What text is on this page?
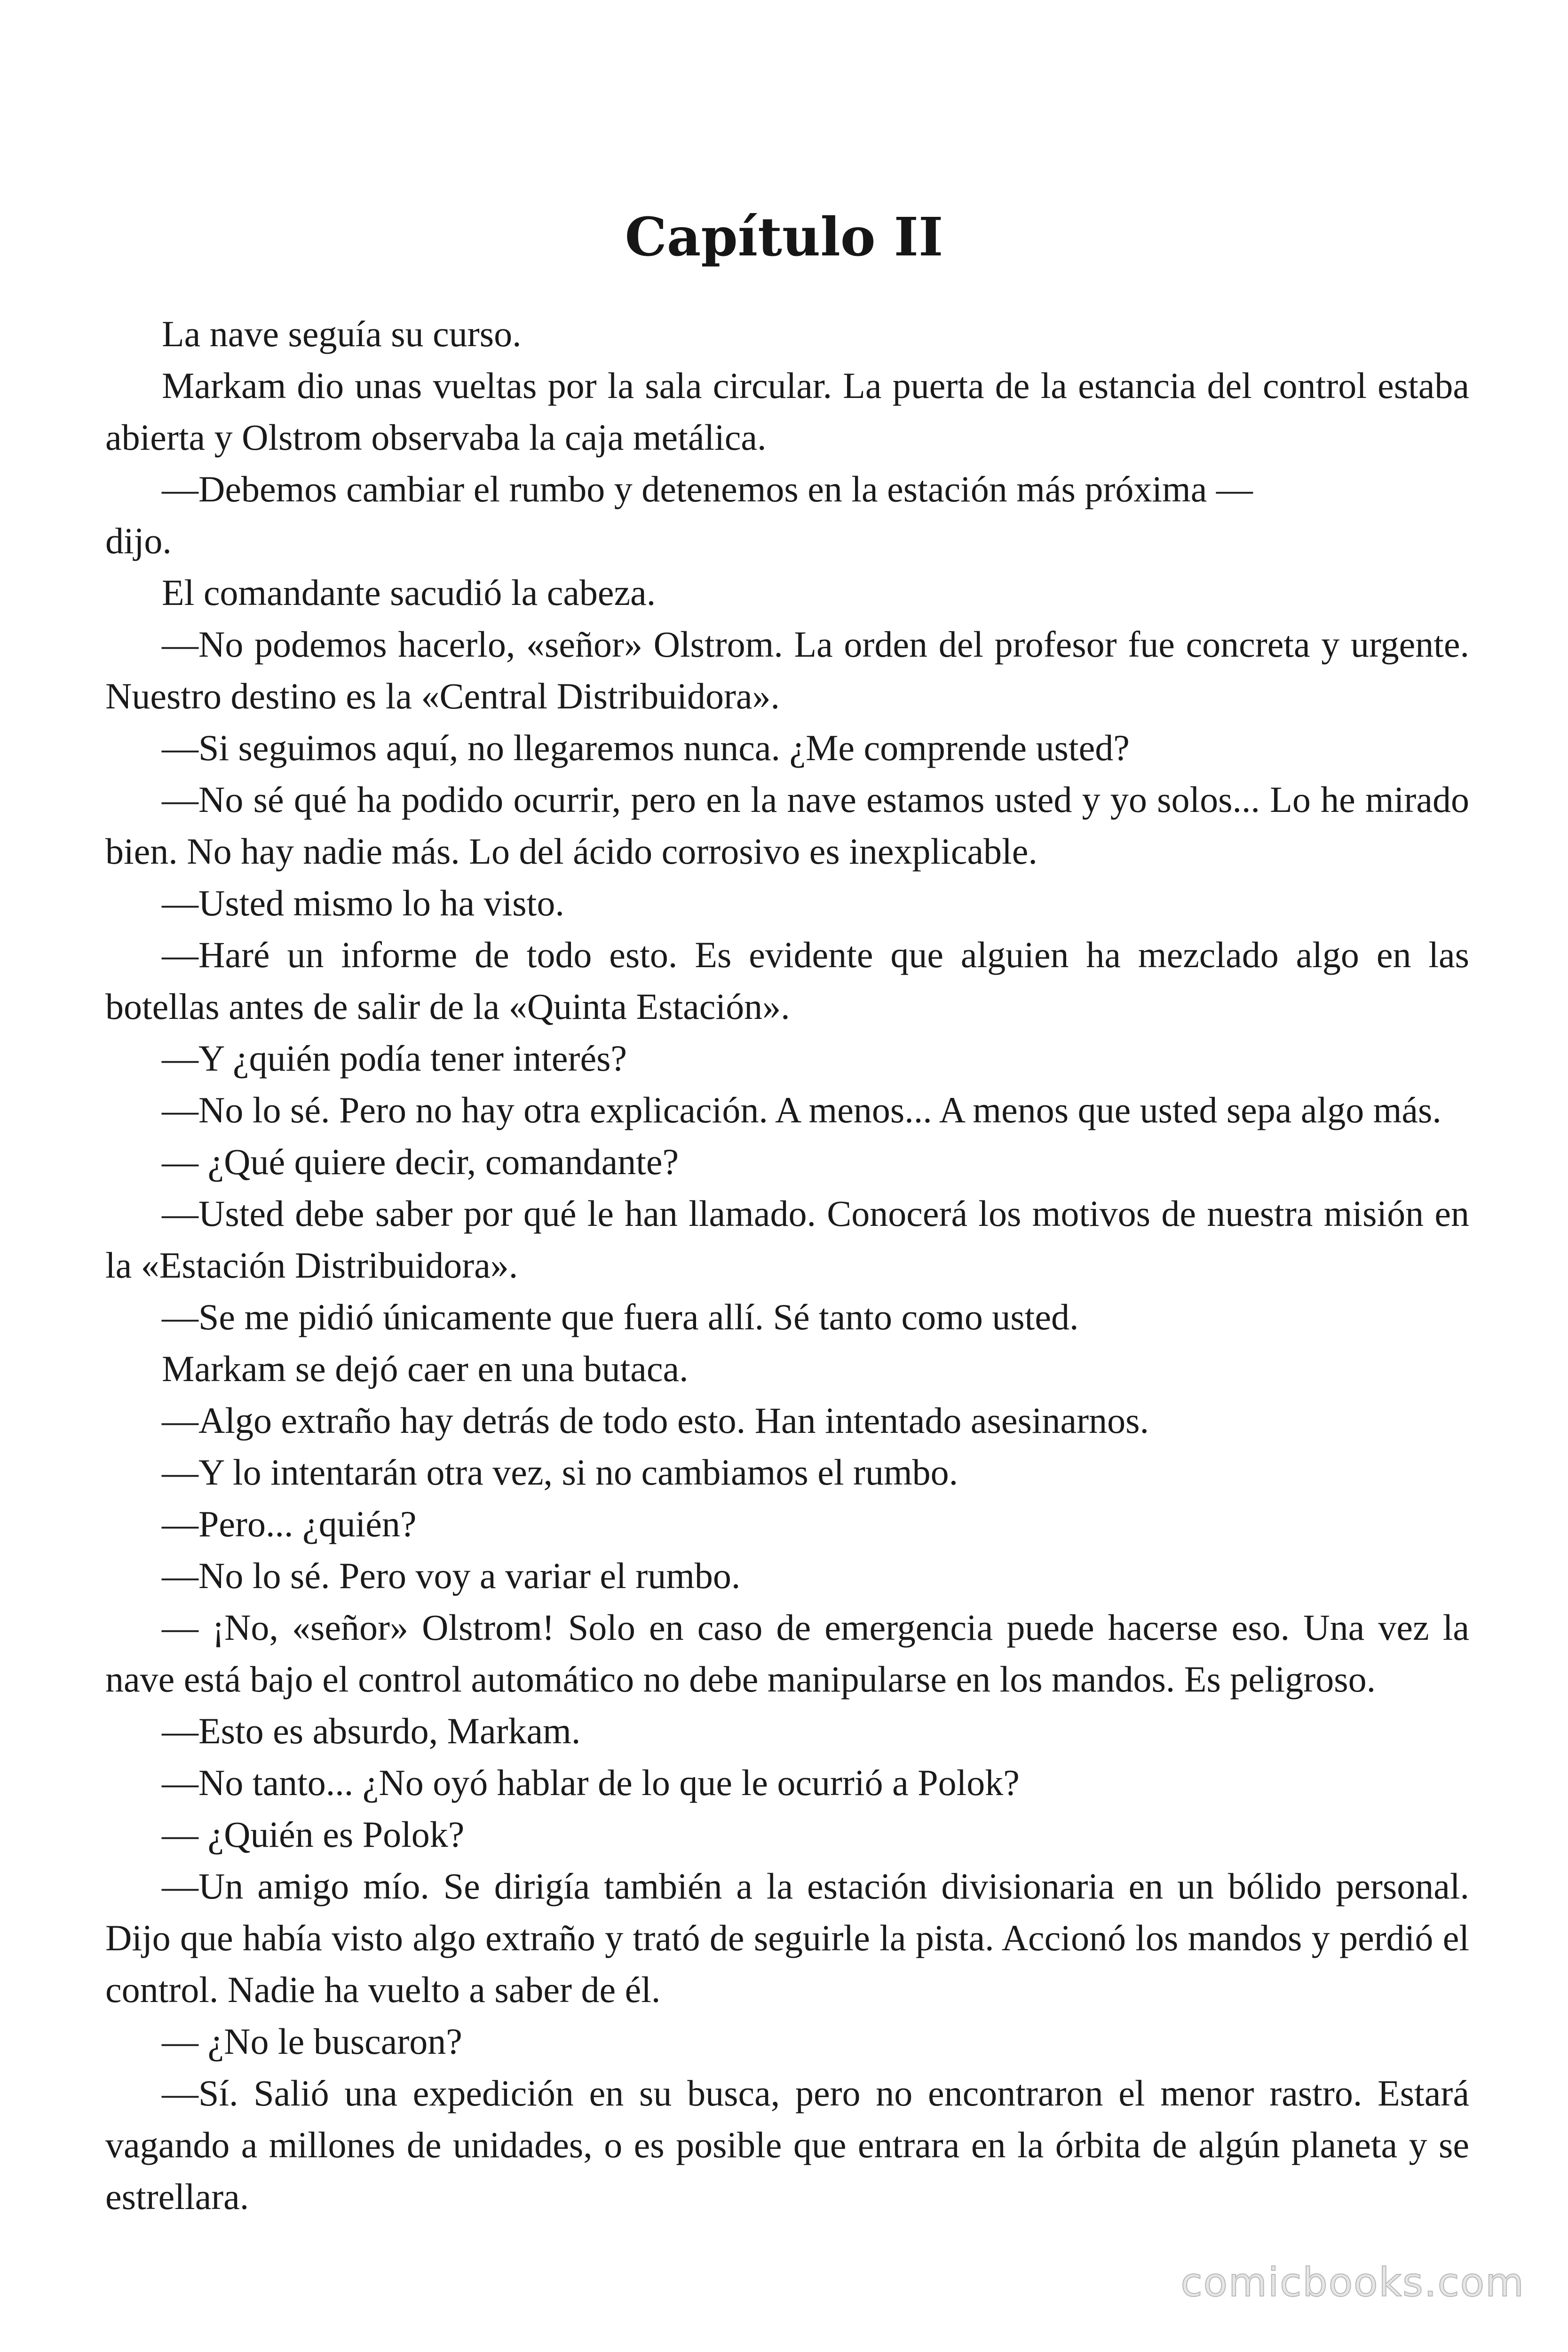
Capítulo II

La nave seguía su curso.

Markam dio unas vueltas por la sala circular. La puerta de la estancia del control estaba abierta y Olstrom observaba la caja metálica.

—Debemos cambiar el rumbo y detenemos en la estación más próxima —
dijo.

El comandante sacudió la cabeza.

—No podemos hacerlo, «señor» Olstrom. La orden del profesor fue concreta y urgente. Nuestro destino es la «Central Distribuidora».

—Si seguimos aquí, no llegaremos nunca. ¿Me comprende usted?

—No sé qué ha podido ocurrir, pero en la nave estamos usted y yo solos... Lo he mirado bien. No hay nadie más. Lo del ácido corrosivo es inexplicable.

—Usted mismo lo ha visto.

—Haré un informe de todo esto. Es evidente que alguien ha mezclado algo en las botellas antes de salir de la «Quinta Estación».

—Y ¿quién podía tener interés?

—No lo sé. Pero no hay otra explicación. A menos... A menos que usted sepa algo más.

— ¿Qué quiere decir, comandante?

—Usted debe saber por qué le han llamado. Conocerá los motivos de nuestra misión en la «Estación Distribuidora».

—Se me pidió únicamente que fuera allí. Sé tanto como usted.

Markam se dejó caer en una butaca.

—Algo extraño hay detrás de todo esto. Han intentado asesinarnos.

—Y lo intentarán otra vez, si no cambiamos el rumbo.

—Pero... ¿quién?

—No lo sé. Pero voy a variar el rumbo.

— ¡No, «señor» Olstrom! Solo en caso de emergencia puede hacerse eso. Una vez la nave está bajo el control automático no debe manipularse en los mandos. Es peligroso.

—Esto es absurdo, Markam.

—No tanto... ¿No oyó hablar de lo que le ocurrió a Polok?

— ¿Quién es Polok?

—Un amigo mío. Se dirigía también a la estación divisionaria en un bólido personal. Dijo que había visto algo extraño y trató de seguirle la pista. Accionó los mandos y perdió el control. Nadie ha vuelto a saber de él.

— ¿No le buscaron?

—Sí. Salió una expedición en su busca, pero no encontraron el menor rastro. Estará vagando a millones de unidades, o es posible que entrara en la órbita de algún planeta y se estrellara.

comicbooks.com
